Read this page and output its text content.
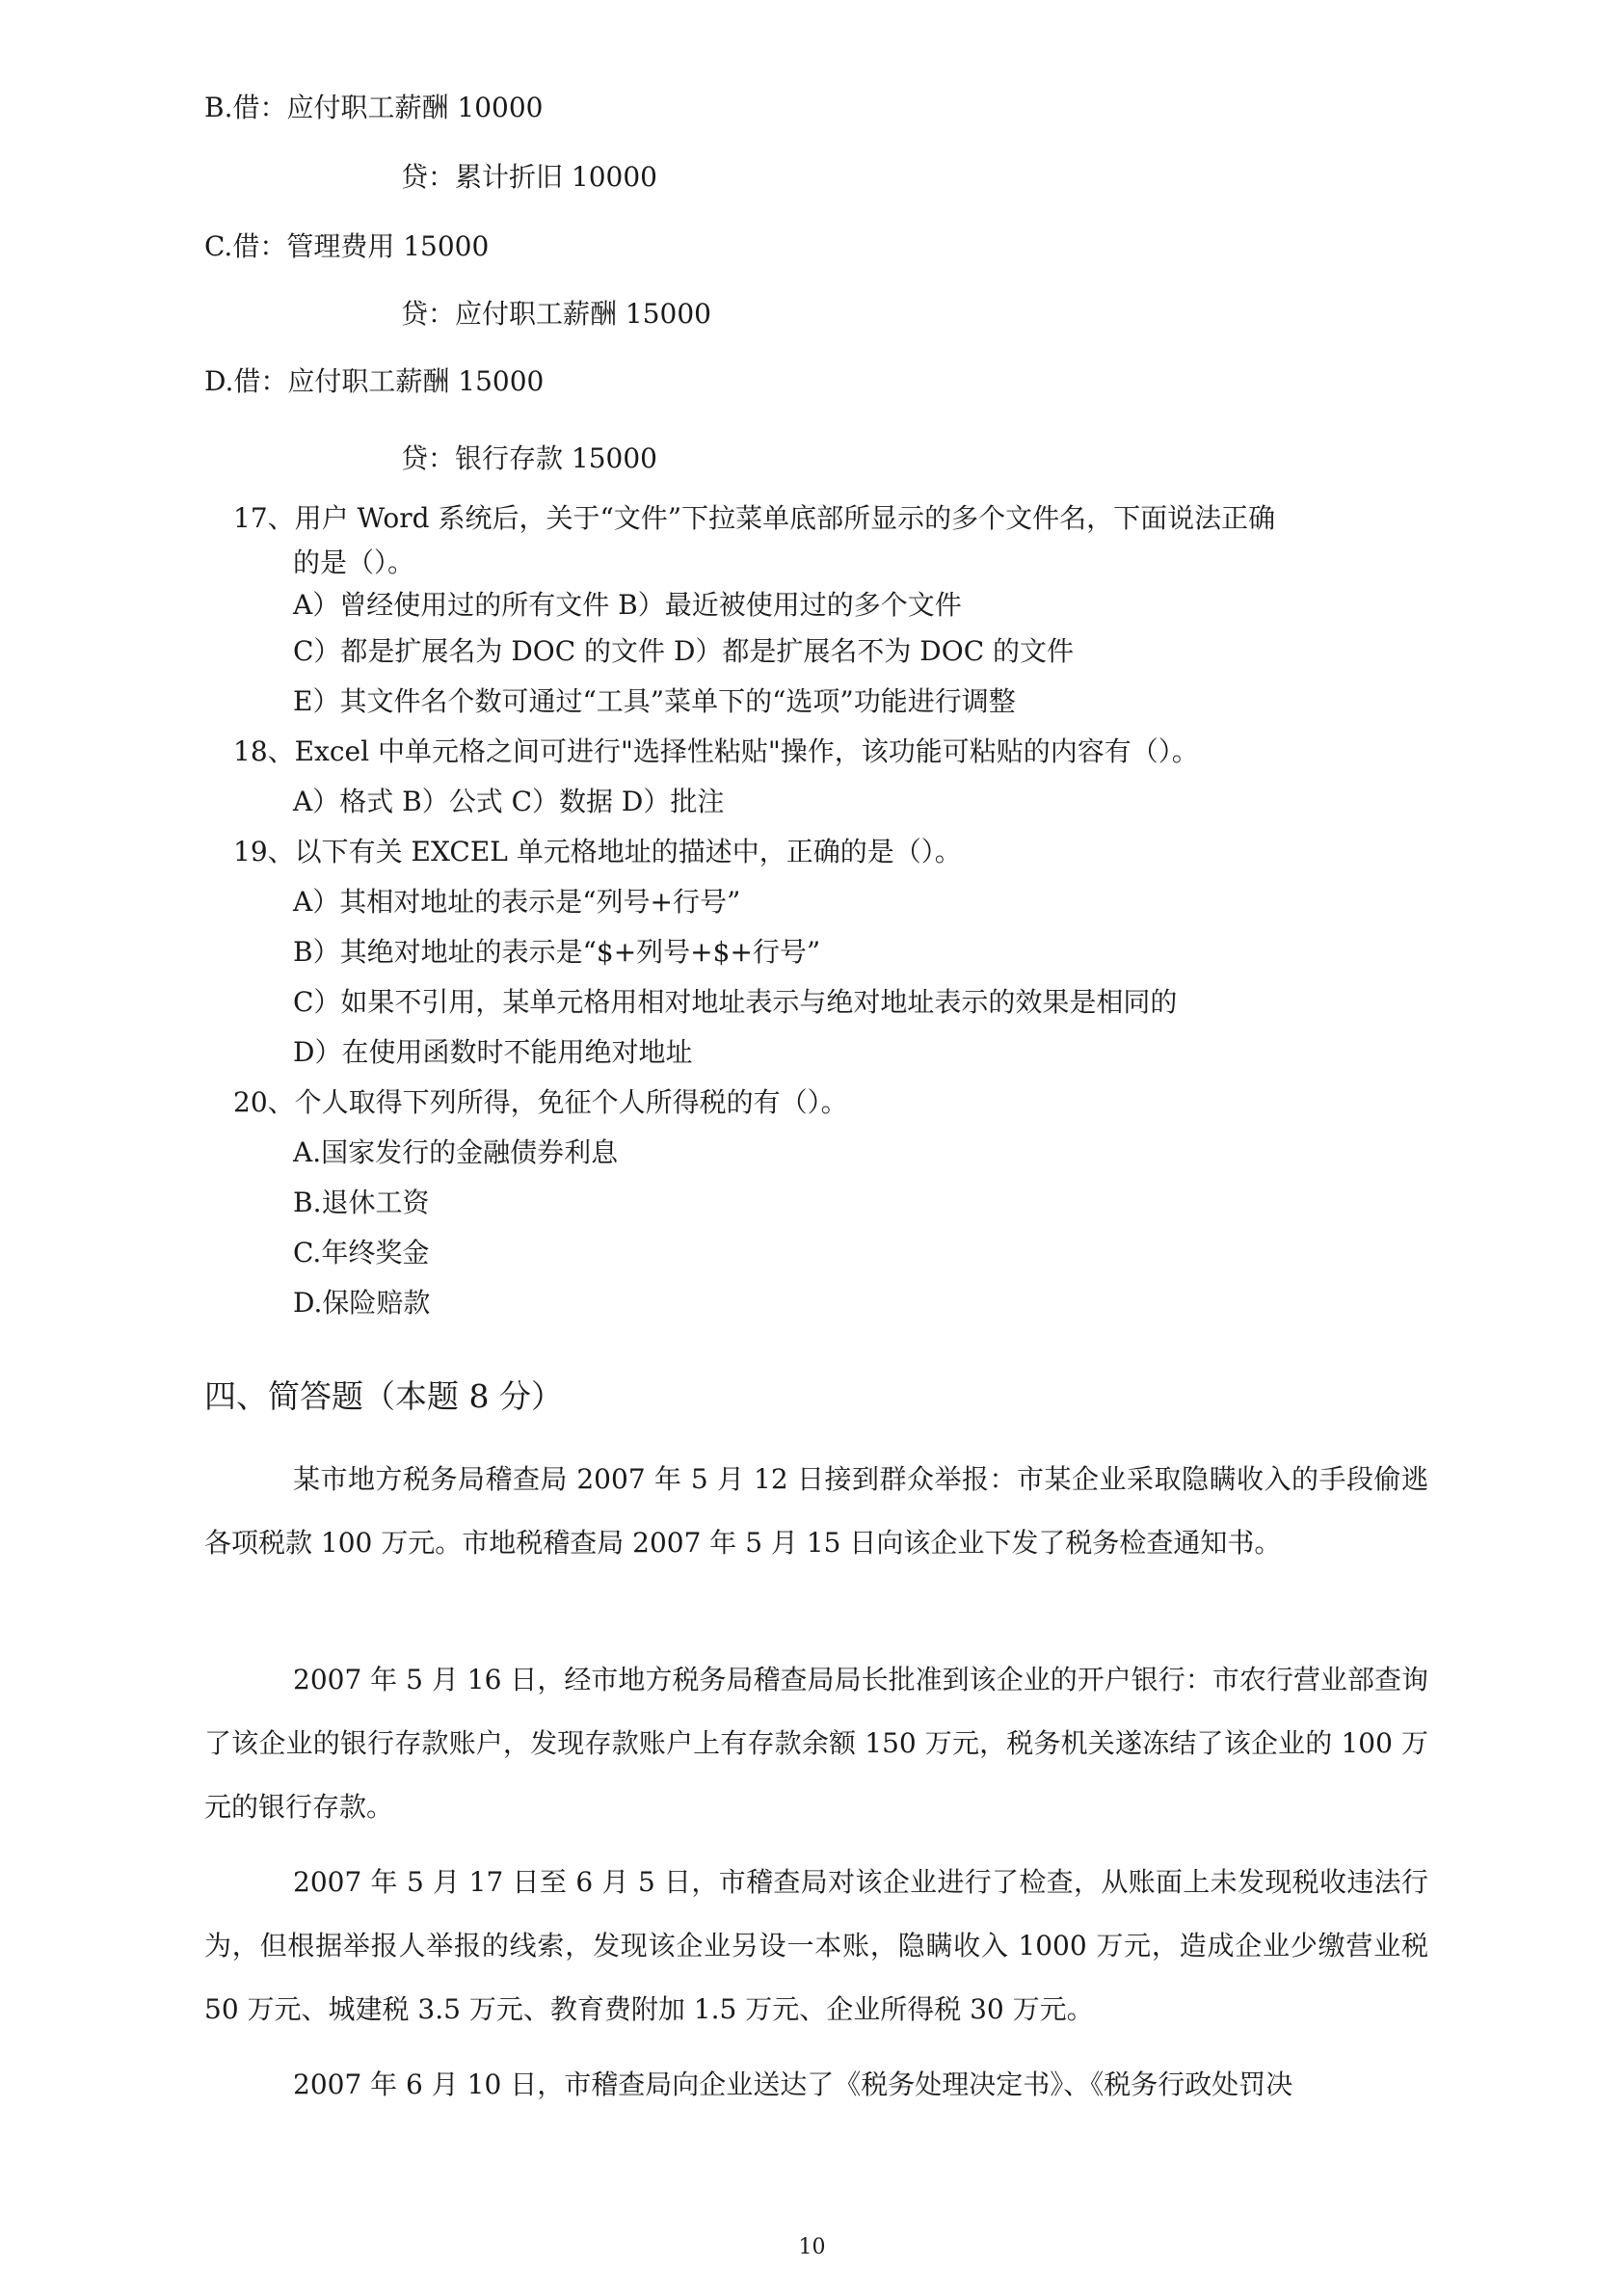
B.借：应付职工薪酬 10000
贷：累计折旧 10000
C.借：管理费用 15000
贷：应付职工薪酬 15000
D.借：应付职工薪酬 15000
贷：银行存款 15000
17、用户 Word 系统后，关于“文件”下拉菜单底部所显示的多个文件名，下面说法正确
的是（）。
A）曾经使用过的所有文件 B）最近被使用过的多个文件
C）都是扩展名为 DOC 的文件 D）都是扩展名不为 DOC 的文件
E）其文件名个数可通过“工具”菜单下的“选项”功能进行调整
18、Excel 中单元格之间可进行"选择性粘贴"操作，该功能可粘贴的内容有（）。
A）格式 B）公式 C）数据 D）批注
19、以下有关 EXCEL 单元格地址的描述中，正确的是（）。
A）其相对地址的表示是“列号+行号”
B）其绝对地址的表示是“$+列号+$+行号”
C）如果不引用，某单元格用相对地址表示与绝对地址表示的效果是相同的
D）在使用函数时不能用绝对地址
20、个人取得下列所得，免征个人所得税的有（）。
A.国家发行的金融债券利息
B.退休工资
C.年终奖金
D.保险赔款
四、简答题（本题 8 分）

某市地方税务局稽查局 2007 年 5 月 12 日接到群众举报：市某企业采取隐瞒收入的手段偷逃各项税款 100 万元。市地税稽查局 2007 年 5 月 15 日向该企业下发了税务检查通知书。

2007 年 5 月 16 日，经市地方税务局稽查局局长批准到该企业的开户银行：市农行营业部查询了该企业的银行存款账户，发现存款账户上有存款余额 150 万元，税务机关遂冻结了该企业的 100 万元的银行存款。

2007 年 5 月 17 日至 6 月 5 日，市稽查局对该企业进行了检查，从账面上未发现税收违法行为，但根据举报人举报的线索，发现该企业另设一本账，隐瞒收入 1000 万元，造成企业少缴营业税 50 万元、城建税 3.5 万元、教育费附加 1.5 万元、企业所得税 30 万元。

2007 年 6 月 10 日，市稽查局向企业送达了《税务处理决定书》、《税务行政处罚决

10
